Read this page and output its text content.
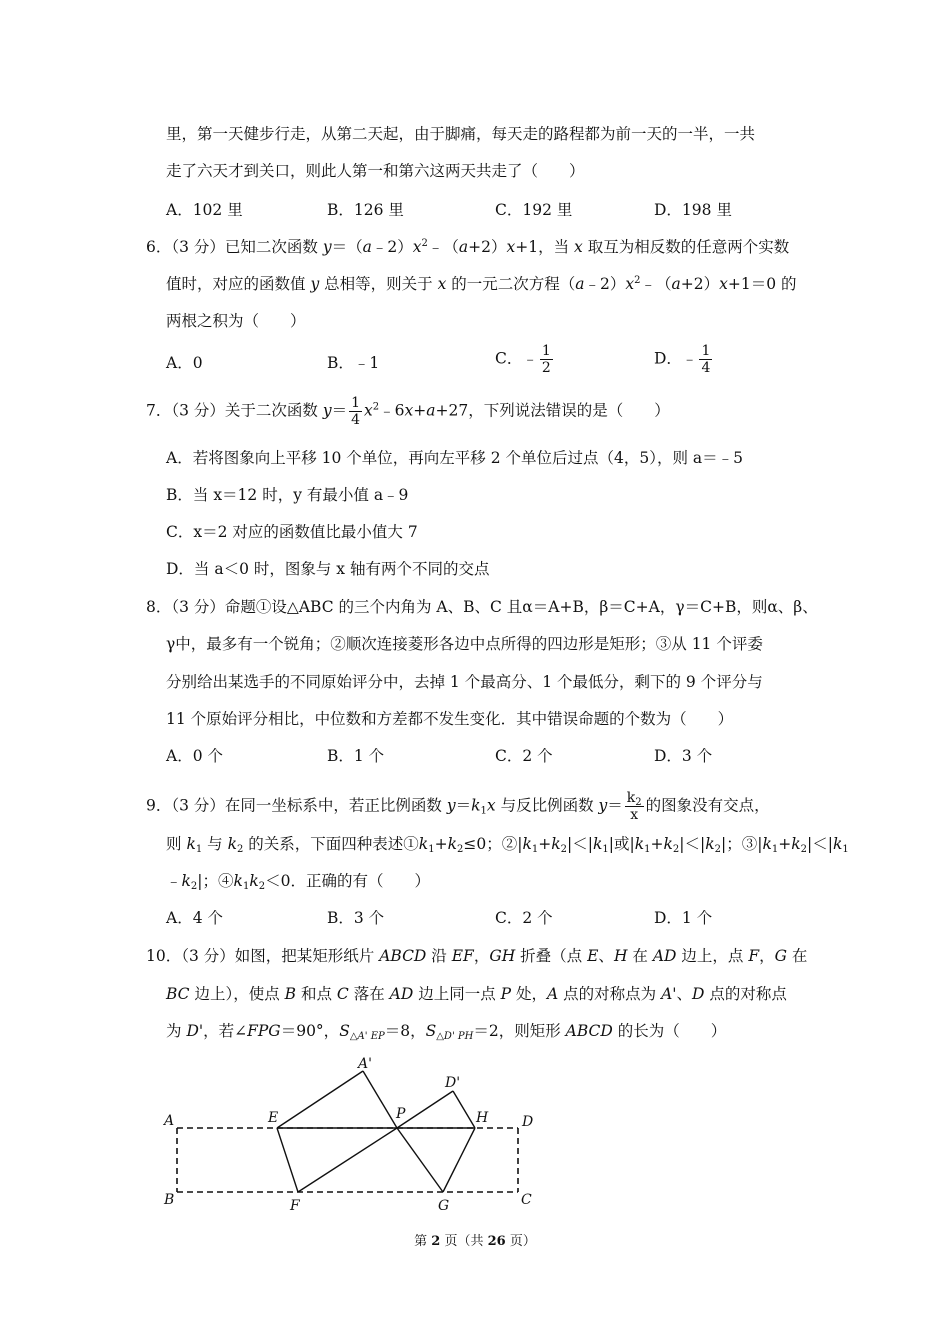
里，第一天健步行走，从第二天起，由于脚痛，每天走的路程都为前一天的一半，一共
走了六天才到关口，则此人第一和第六这两天共走了（　　）
A．102 里	B．126 里	C．192 里	D．198 里
6．（3 分）已知二次函数 $y=(a﹣2)x^2﹣(a+2)x+1$，当 x 取互为相反数的任意两个实数
值时，对应的函数值 y 总相等，则关于 x 的一元二次方程$(a﹣2)x^2﹣(a+2)x+1=0$ 的
两根之积为（　　）
A．0	B．﹣1	C．﹣ $\frac{1}{2}$	D．﹣ $\frac{1}{4}$
7．（3 分）关于二次函数 $y= \frac{1}{4}$ $x^2﹣6x+a+27$，下列说法错误的是（　　）
A．若将图象向上平移 10 个单位，再向左平移 2 个单位后过点（4，5），则 a＝﹣5
B．当 x＝12 时，y 有最小值 a﹣9
C．x＝2 对应的函数值比最小值大 7
D．当 a＜0 时，图象与 x 轴有两个不同的交点
8．（3 分）命题①设△ABC 的三个内角为 A、B、C 且α＝A+B，β＝C+A，γ＝C+B，则α、β、
γ中，最多有一个锐角；②顺次连接菱形各边中点所得的四边形是矩形；③从 11 个评委
分别给出某选手的不同原始评分中，去掉 1 个最高分、1 个最低分，剩下的 9 个评分与
11 个原始评分相比，中位数和方差都不发生变化．其中错误命题的个数为（　　）
A．0 个	B．1 个	C．2 个	D．3 个
9．（3 分）在同一坐标系中，若正比例函数 $y=k_1x$ 与反比例函数 $y= \frac{k_2}{x}$ 的图象没有交点，
则 $k_1$ 与 $k_2$ 的关系，下面四种表述$①k_1+k_2\le 0$；$②|k_1+k_2|<|k_1|$或$|k_1+k_2|<|k_2|$；$③|k_1+k_2|<|k_1$
$﹣k_2|$；$④k_1k_2<0$．正确的有（　　）
A．4 个	B．3 个	C．2 个	D．1 个
10．（3 分）如图，把某矩形纸片 ABCD 沿 EF，GH 折叠（点 E、H 在 AD 边上，点 F，G 在
BC 边上），使点 B 和点 C 落在 AD 边上同一点 P 处，A 点的对称点为 A'、D 点的对称点
为 D'，若∠FPG＝90°，$S_{\triangle A' EP}=8$，$S_{\triangle D' PH}=2$，则矩形 ABCD 的长为（　　）
A'
D'
A	E	P	H D
B	F	G	C
第 2 页（共 26 页）
